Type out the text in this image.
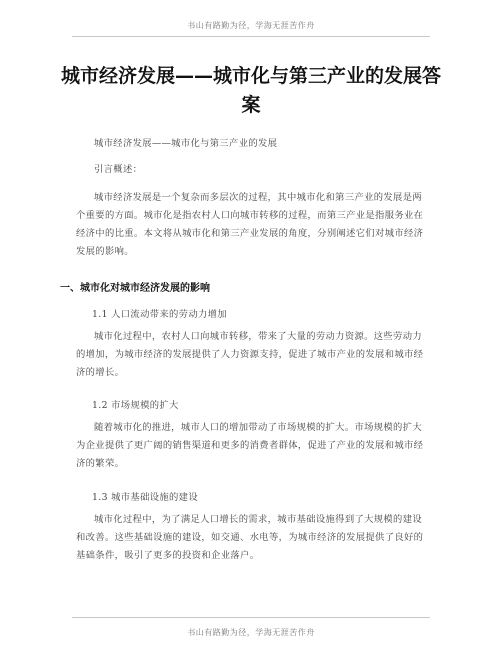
书山有路勤为径，学海无涯苦作舟
城市经济发展——城市化与第三产业的发展答案
城市经济发展——城市化与第三产业的发展
引言概述：
城市经济发展是一个复杂而多层次的过程，其中城市化和第三产业的发展是两个重要的方面。城市化是指农村人口向城市转移的过程，而第三产业是指服务业在经济中的比重。本文将从城市化和第三产业发展的角度，分别阐述它们对城市经济发展的影响。
一、城市化对城市经济发展的影响
1.1 人口流动带来的劳动力增加
城市化过程中，农村人口向城市转移，带来了大量的劳动力资源。这些劳动力的增加，为城市经济的发展提供了人力资源支持，促进了城市产业的发展和城市经济的增长。
1.2 市场规模的扩大
随着城市化的推进，城市人口的增加带动了市场规模的扩大。市场规模的扩大为企业提供了更广阔的销售渠道和更多的消费者群体，促进了产业的发展和城市经济的繁荣。
1.3 城市基础设施的建设
城市化过程中，为了满足人口增长的需求，城市基础设施得到了大规模的建设和改善。这些基础设施的建设，如交通、水电等，为城市经济的发展提供了良好的基础条件，吸引了更多的投资和企业落户。
书山有路勤为径，学海无涯苦作舟
